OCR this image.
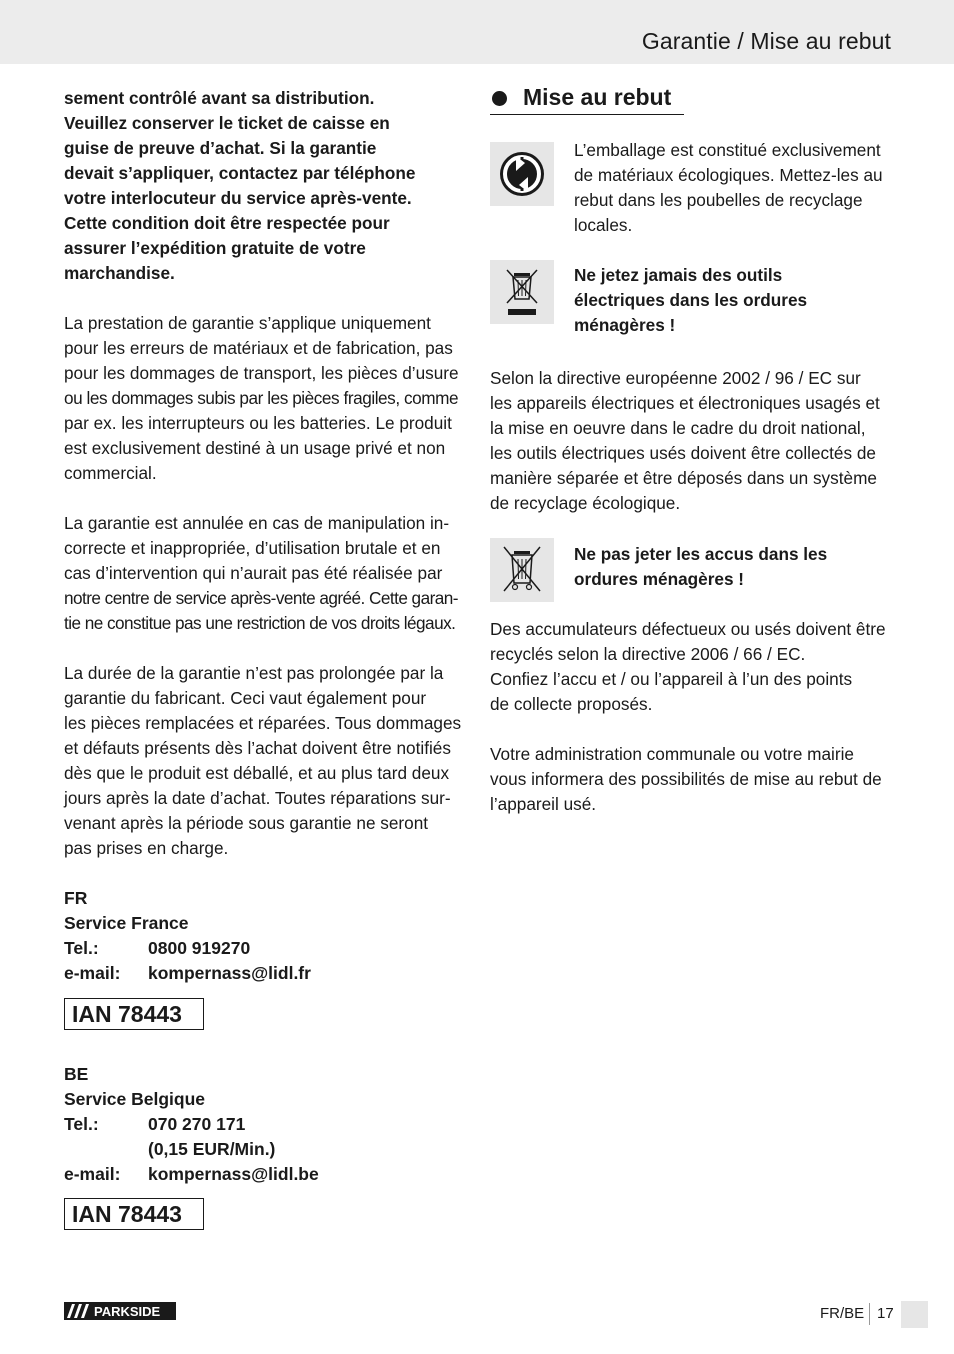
Garantie / Mise au rebut

sement contrôlé avant sa distribution.

Veuillez conserver le ticket de caisse en

guise de preuve d’achat. Si la garantie

devait s’appliquer, contactez par téléphone

votre interlocuteur du service après-vente.

Cette condition doit être respectée pour

assurer l’expédition gratuite de votre

marchandise.

La prestation de garantie s’applique uniquement

pour les erreurs de matériaux et de fabrication, pas

pour les dommages de transport, les pièces d’usure

ou les dommages subis par les pièces fragiles, comme

par ex. les interrupteurs ou les batteries. Le produit

est exclusivement destiné à un usage privé et non

commercial.

La garantie est annulée en cas de manipulation in-

correcte et inappropriée, d’utilisation brutale et en

cas d’intervention qui n’aurait pas été réalisée par

notre centre de service après-vente agréé. Cette garan-

tie ne constitue pas une restriction de vos droits légaux.

La durée de la garantie n’est pas prolongée par la

garantie du fabricant. Ceci vaut également pour

les pièces remplacées et réparées. Tous dommages

et défauts présents dès l’achat doivent être notifiés

dès que le produit est déballé, et au plus tard deux

jours après la date d’achat. Toutes réparations sur-

venant après la période sous garantie ne seront

pas prises en charge.

FR
Service France
Tel.:	0800 919270
e-mail: kompernass@lidl.fr
IAN 78443
BE
Service Belgique
Tel.:	070 270 171
(0,15 EUR/Min.)
e-mail: kompernass@lidl.be
IAN 78443
Mise au rebut

L’emballage est constitué exclusivement

de matériaux écologiques. Mettez-les au

rebut dans les poubelles de recyclage

locales.

Ne jetez jamais des outils

électriques dans les ordures

ménagères !

Selon la directive européenne 2002 / 96 / EC sur

les appareils électriques et électroniques usagés et

la mise en oeuvre dans le cadre du droit national,

les outils électriques usés doivent être collectés de

manière séparée et être déposés dans un système

de recyclage écologique.

Ne pas jeter les accus dans les

ordures ménagères !

Des accumulateurs défectueux ou usés doivent être

recyclés selon la directive 2006 / 66 / EC.

Confiez l’accu et / ou l’appareil à l’un des points

de collecte proposés.

Votre administration communale ou votre mairie

vous informera des possibilités de mise au rebut de

l’appareil usé.

PARKSIDE	FR/BE 17
